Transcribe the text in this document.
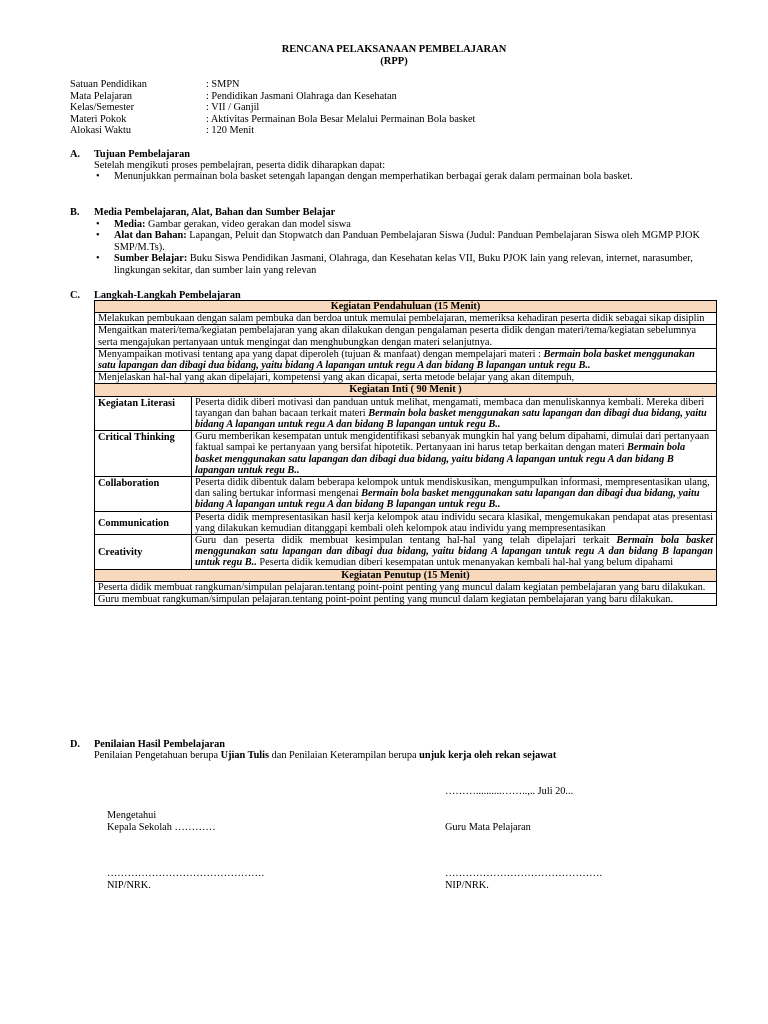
RENCANA PELAKSANAAN PEMBELAJARAN
(RPP)
Satuan Pendidikan	: SMPN
Mata Pelajaran	: Pendidikan Jasmani Olahraga dan Kesehatan
Kelas/Semester	: VII / Ganjil
Materi Pokok	: Aktivitas Permainan Bola Besar Melalui Permainan Bola basket
Alokasi Waktu	: 120 Menit
A. Tujuan Pembelajaran
Setelah mengikuti proses pembelajran, peserta didik diharapkan dapat:
• Menunjukkan permainan bola basket setengah lapangan dengan memperhatikan berbagai gerak dalam permainan bola basket.
B. Media Pembelajaran, Alat, Bahan dan Sumber Belajar
• Media: Gambar gerakan, video gerakan dan model siswa
• Alat dan Bahan: Lapangan, Peluit dan Stopwatch dan Panduan Pembelajaran Siswa (Judul: Panduan Pembelajaran Siswa oleh MGMP PJOK SMP/M.Ts).
• Sumber Belajar: Buku Siswa Pendidikan Jasmani, Olahraga, dan Kesehatan kelas VII, Buku PJOK lain yang relevan, internet, narasumber, lingkungan sekitar, dan sumber lain yang relevan
C. Langkah-Langkah Pembelajaran
Kegiatan Pendahuluan (15 Menit)	
Melakukan pembukaan dengan salam pembuka dan berdoa untuk memulai pembelajaran, memeriksa kehadiran peserta didik sebagai sikap disiplin	
Mengaitkan materi/tema/kegiatan pembelajaran yang akan dilakukan dengan pengalaman peserta didik dengan materi/tema/kegiatan sebelumnya serta mengajukan pertanyaan untuk mengingat dan menghubungkan dengan materi selanjutnya.	
Menyampaikan motivasi tentang apa yang dapat diperoleh (tujuan & manfaat) dengan mempelajari materi : Bermain bola basket menggunakan satu lapangan dan dibagi dua bidang, yaitu bidang A lapangan untuk regu A dan bidang B lapangan untuk regu B..	
Menjelaskan hal-hal yang akan dipelajari, kompetensi yang akan dicapai, serta metode belajar yang akan ditempuh,	
Kegiatan Inti ( 90 Menit )	
Kegiatan Literasi	Peserta didik diberi motivasi dan panduan untuk melihat, mengamati, membaca dan menuliskannya kembali. Mereka diberi tayangan dan bahan bacaan terkait materi Bermain bola basket menggunakan satu lapangan dan dibagi dua bidang, yaitu bidang A lapangan untuk regu A dan bidang B lapangan untuk regu B..
Critical Thinking	Guru memberikan kesempatan untuk mengidentifikasi sebanyak mungkin hal yang belum dipahami, dimulai dari pertanyaan faktual sampai ke pertanyaan yang bersifat hipotetik. Pertanyaan ini harus tetap berkaitan dengan materi Bermain bola basket menggunakan satu lapangan dan dibagi dua bidang, yaitu bidang A lapangan untuk regu A dan bidang B lapangan untuk regu B..
Collaboration	Peserta didik dibentuk dalam beberapa kelompok untuk mendiskusikan, mengumpulkan informasi, mempresentasikan ulang, dan saling bertukar informasi mengenai Bermain bola basket menggunakan satu lapangan dan dibagi dua bidang, yaitu bidang A lapangan untuk regu A dan bidang B lapangan untuk regu B..
Communication	Peserta didik mempresentasikan hasil kerja kelompok atau individu secara klasikal, mengemukakan pendapat atas presentasi yang dilakukan kemudian ditanggapi kembali oleh kelompok atau individu yang mempresentasikan
Creativity	Guru dan peserta didik membuat kesimpulan tentang hal-hal yang telah dipelajari terkait Bermain bola basket menggunakan satu lapangan dan dibagi dua bidang, yaitu bidang A lapangan untuk regu A dan bidang B lapangan untuk regu B.. Peserta didik kemudian diberi kesempatan untuk menanyakan kembali hal-hal yang belum dipahami
Kegiatan Penutup (15 Menit)	
Peserta didik membuat rangkuman/simpulan pelajaran.tentang point-point penting yang muncul dalam kegiatan pembelajaran yang baru dilakukan.	
Guru membuat rangkuman/simpulan pelajaran.tentang point-point penting yang muncul dalam kegiatan pembelajaran yang baru dilakukan.	
D. Penilaian Hasil Pembelajaran
Penilaian Pengetahuan berupa Ujian Tulis dan Penilaian Keterampilan berupa unjuk kerja oleh rekan sejawat
………..........……..,.. Juli 20...
Mengetahui
Kepala Sekolah …………	Guru Mata Pelajaran
……………………………………….	……………………………………….
NIP/NRK.	NIP/NRK.
